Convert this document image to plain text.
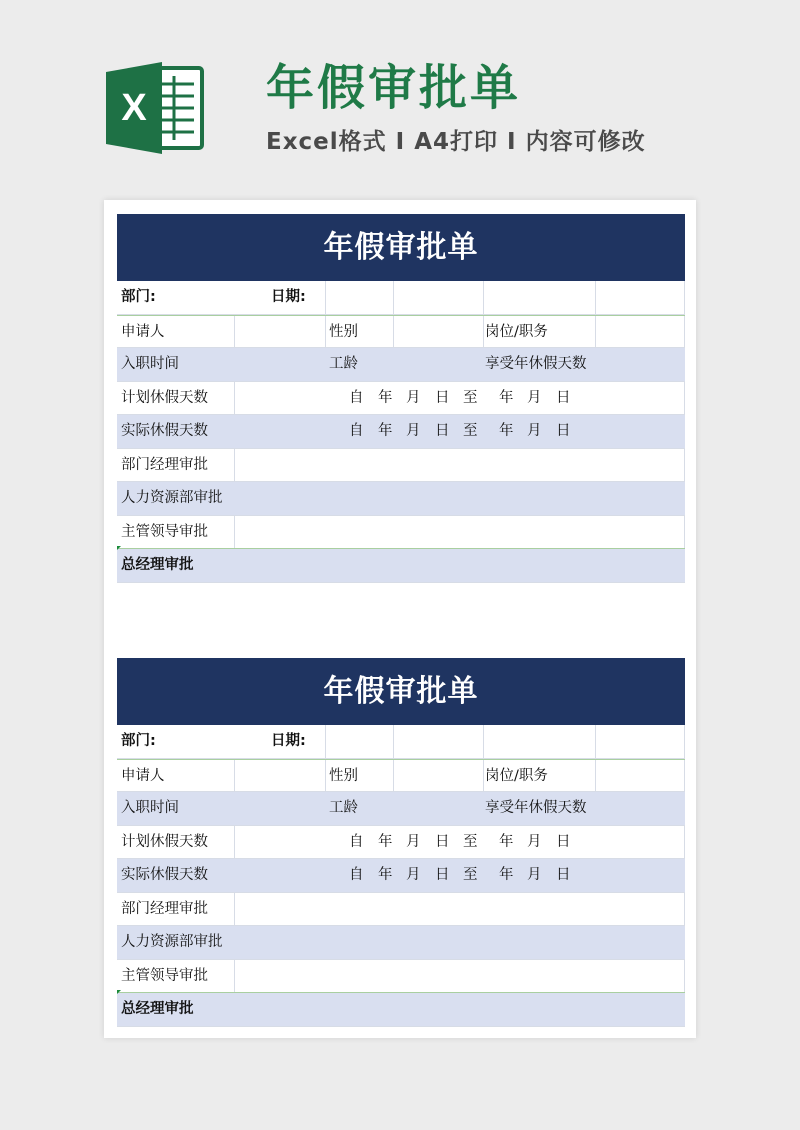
X 年假审批单
Excel格式 I A4打印 I 内容可修改
年假审批单
部门:	日期:
申请人	性别	岗位/职务
入职时间	工龄	享受年休假天数
计划休假天数	自 年 月 日 至 年 月 日
实际休假天数	自 年 月 日 至 年 月 日
部门经理审批
人力资源部审批
主管领导审批
总经理审批
年假审批单
部门:	日期:
申请人	性别	岗位/职务
入职时间	工龄	享受年休假天数
计划休假天数	自 年 月 日 至 年 月 日
实际休假天数	自 年 月 日 至 年 月 日
部门经理审批
人力资源部审批
主管领导审批
总经理审批
